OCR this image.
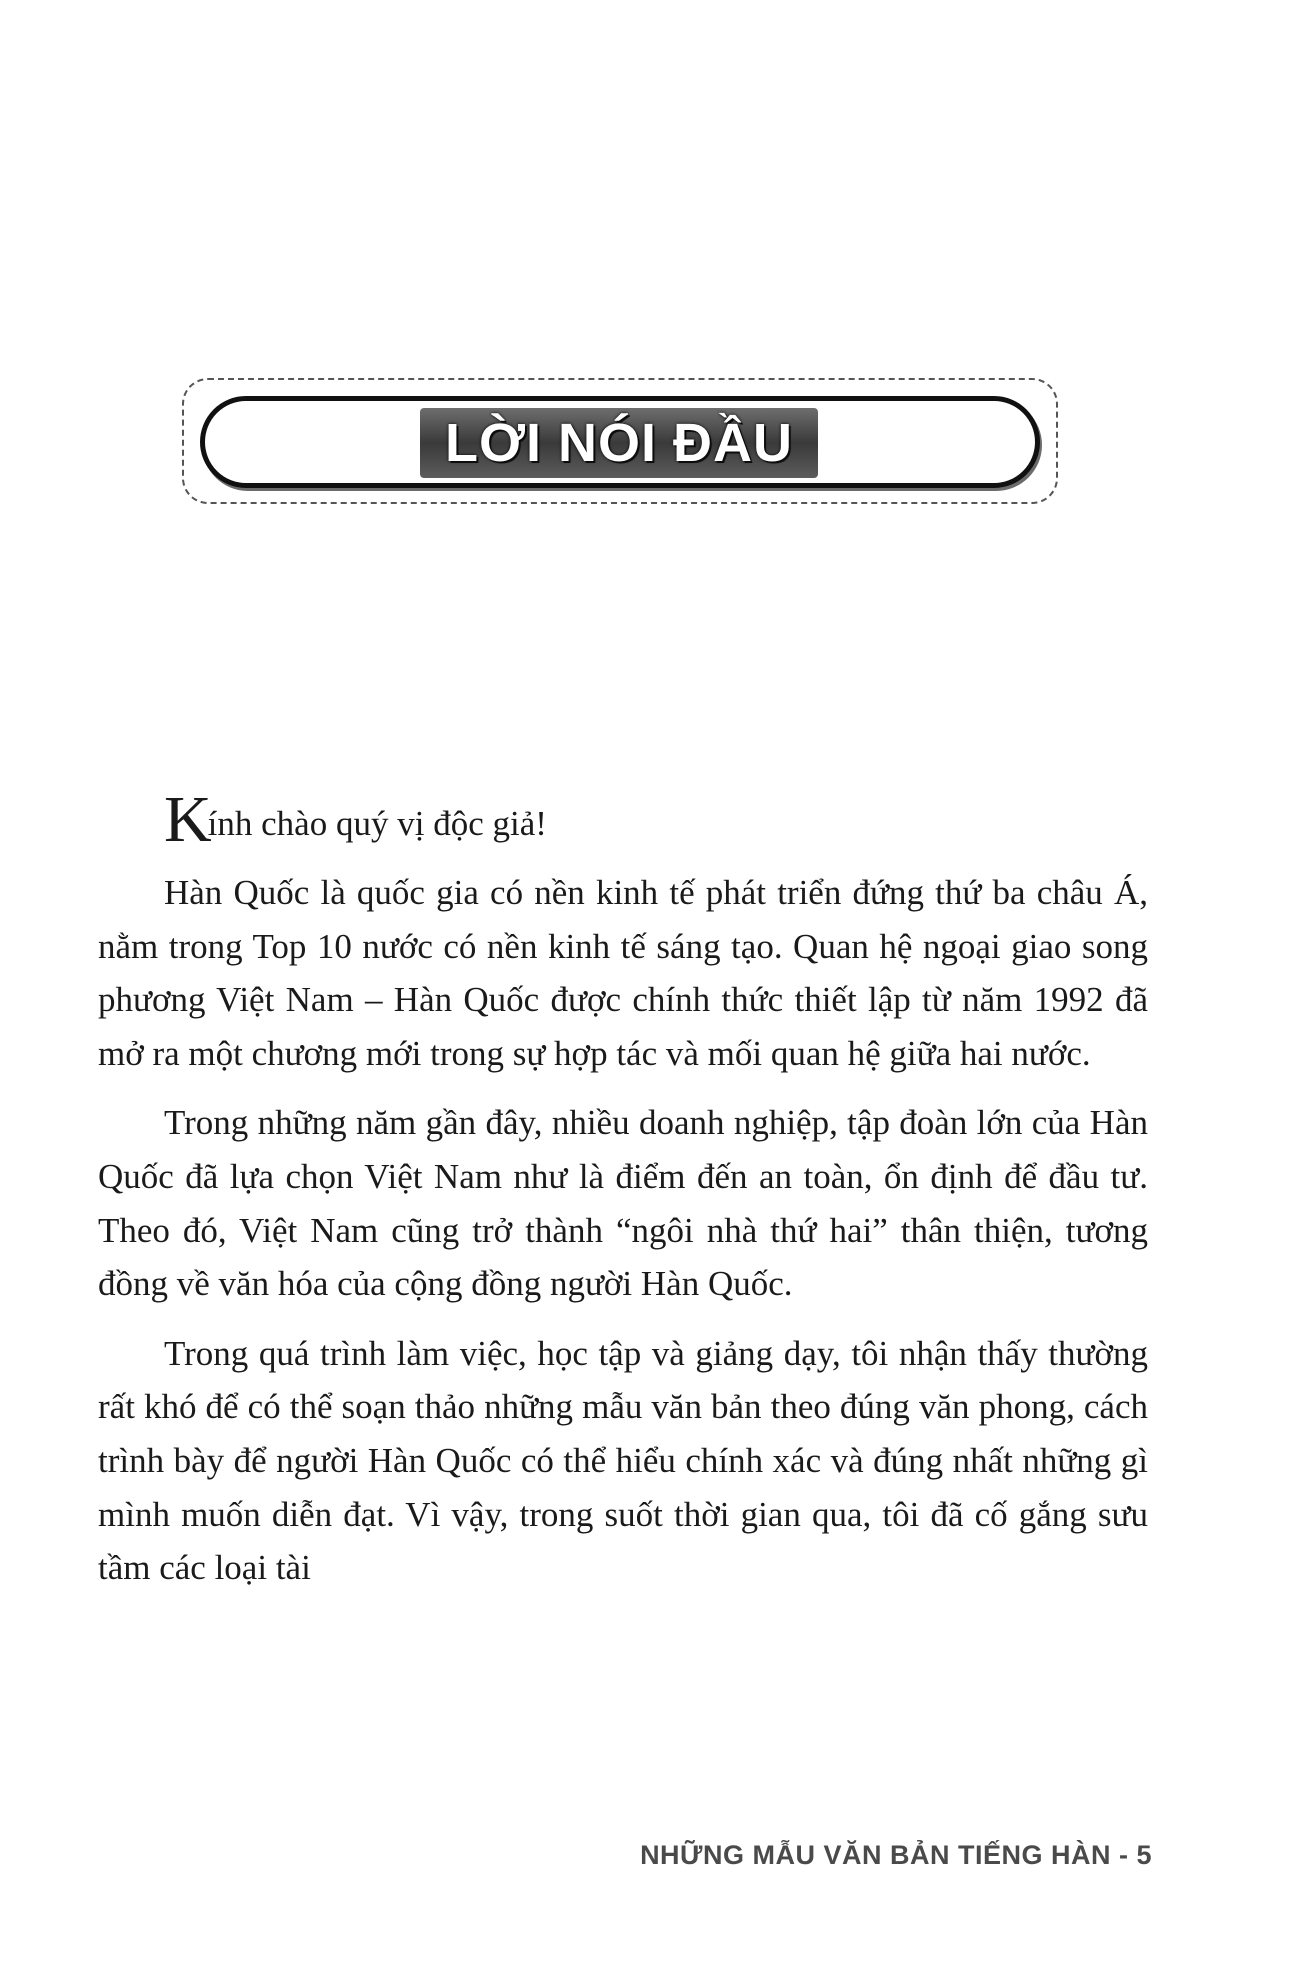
LỜI NÓI ĐẦU

Kính chào quý vị độc giả!

Hàn Quốc là quốc gia có nền kinh tế phát triển đứng thứ ba châu Á, nằm trong Top 10 nước có nền kinh tế sáng tạo. Quan hệ ngoại giao song phương Việt Nam – Hàn Quốc được chính thức thiết lập từ năm 1992 đã mở ra một chương mới trong sự hợp tác và mối quan hệ giữa hai nước.

Trong những năm gần đây, nhiều doanh nghiệp, tập đoàn lớn của Hàn Quốc đã lựa chọn Việt Nam như là điểm đến an toàn, ổn định để đầu tư. Theo đó, Việt Nam cũng trở thành “ngôi nhà thứ hai” thân thiện, tương đồng về văn hóa của cộng đồng người Hàn Quốc.

Trong quá trình làm việc, học tập và giảng dạy, tôi nhận thấy thường rất khó để có thể soạn thảo những mẫu văn bản theo đúng văn phong, cách trình bày để người Hàn Quốc có thể hiểu chính xác và đúng nhất những gì mình muốn diễn đạt. Vì vậy, trong suốt thời gian qua, tôi đã cố gắng sưu tầm các loại tài

NHỮNG MẪU VĂN BẢN TIẾNG HÀN - 5
